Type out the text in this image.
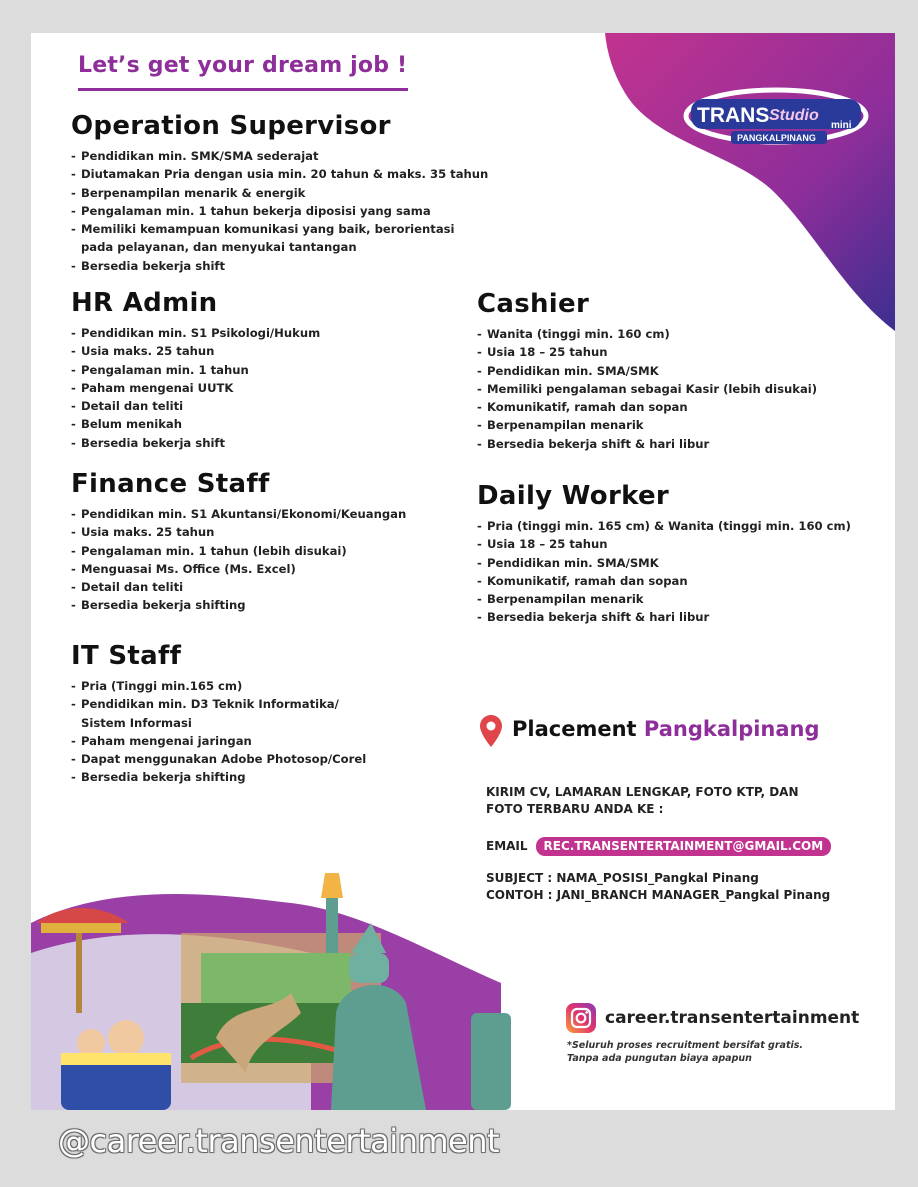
TRANS Studio
mini
PANGKALPINANG
Let’s get your dream job !
Operation Supervisor
- Pendidikan min. SMK/SMA sederajat
- Diutamakan Pria dengan usia min. 20 tahun & maks. 35 tahun
- Berpenampilan menarik & energik
- Pengalaman min. 1 tahun bekerja diposisi yang sama
- Memiliki kemampuan komunikasi yang baik, berorientasi
pada pelayanan, dan menyukai tantangan
- Bersedia bekerja shift
HR Admin
- Pendidikan min. S1 Psikologi/Hukum
- Usia maks. 25 tahun
- Pengalaman min. 1 tahun
- Paham mengenai UUTK
- Detail dan teliti
- Belum menikah
- Bersedia bekerja shift
Finance Staff
- Pendidikan min. S1 Akuntansi/Ekonomi/Keuangan
- Usia maks. 25 tahun
- Pengalaman min. 1 tahun (lebih disukai)
- Menguasai Ms. Office (Ms. Excel)
- Detail dan teliti
- Bersedia bekerja shifting
IT Staff
- Pria (Tinggi min.165 cm)
- Pendidikan min. D3 Teknik Informatika/
Sistem Informasi
- Paham mengenai jaringan
- Dapat menggunakan Adobe Photosop/Corel
- Bersedia bekerja shifting
Cashier
- Wanita (tinggi min. 160 cm)
- Usia 18 – 25 tahun
- Pendidikan min. SMA/SMK
- Memiliki pengalaman sebagai Kasir (lebih disukai)
- Komunikatif, ramah dan sopan
- Berpenampilan menarik
- Bersedia bekerja shift & hari libur
Daily Worker
- Pria (tinggi min. 165 cm) & Wanita (tinggi min. 160 cm)
- Usia 18 – 25 tahun
- Pendidikan min. SMA/SMK
- Komunikatif, ramah dan sopan
- Berpenampilan menarik
- Bersedia bekerja shift & hari libur
Placement Pangkalpinang
KIRIM CV, LAMARAN LENGKAP, FOTO KTP, DAN
FOTO TERBARU ANDA KE :
EMAIL REC.TRANSENTERTAINMENT@GMAIL.COM
SUBJECT : NAMA_POSISI_Pangkal Pinang
CONTOH : JANI_BRANCH MANAGER_Pangkal Pinang
career.transentertainment
*Seluruh proses recruitment bersifat gratis.
Tanpa ada pungutan biaya apapun
@career.transentertainment
